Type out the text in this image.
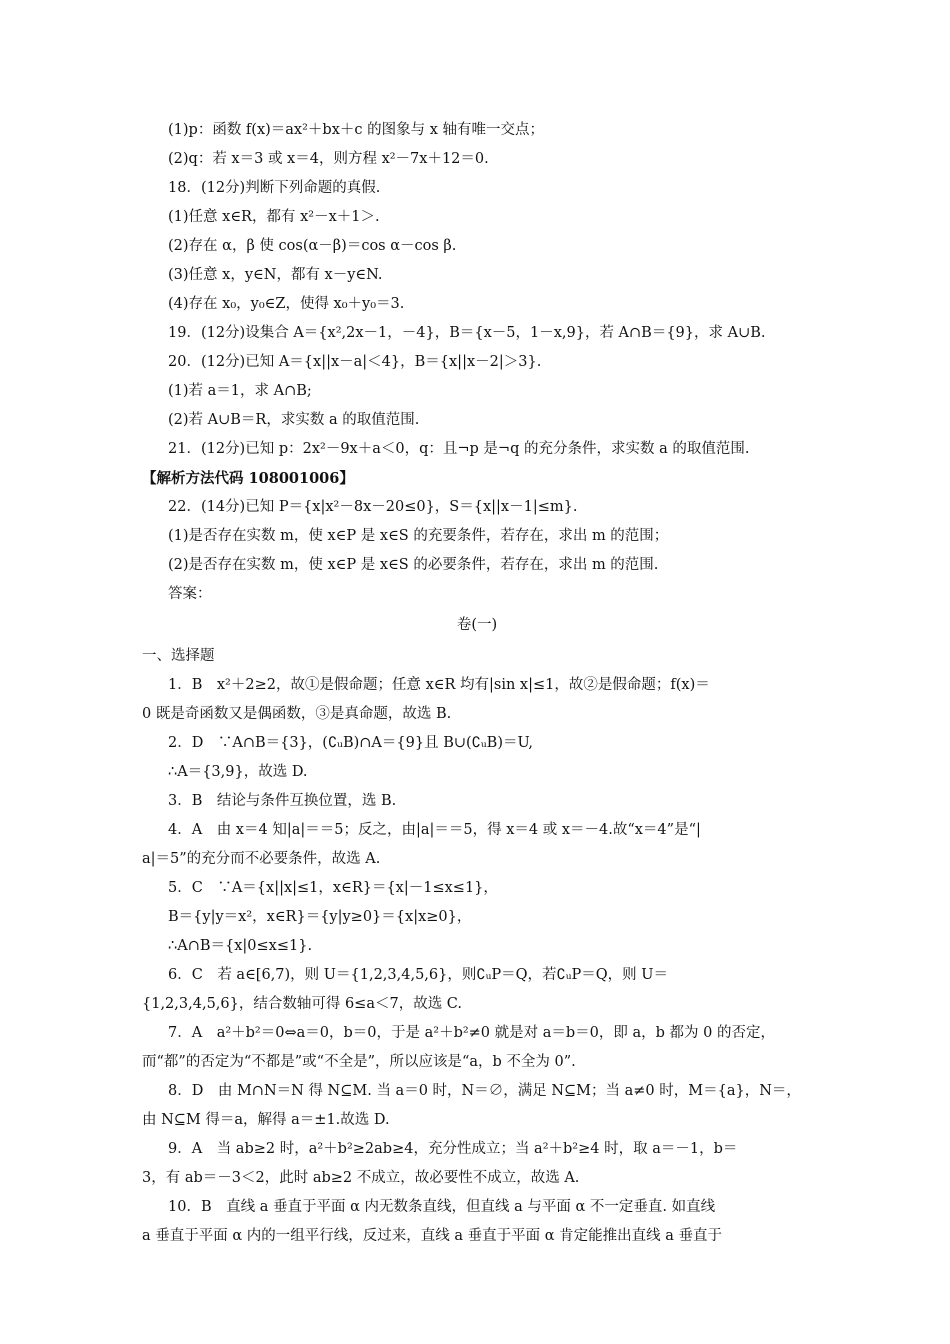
(1)p：函数 f(x)＝ax²＋bx＋c 的图象与 x 轴有唯一交点；
(2)q：若 x＝3 或 x＝4，则方程 x²－7x＋12＝0.
18．(12分)判断下列命题的真假.
(1)任意 x∈R，都有 x²－x＋1＞.
(2)存在 α，β 使 cos(α－β)＝cos α－cos β.
(3)任意 x，y∈N，都有 x－y∈N.
(4)存在 x₀，y₀∈Z，使得 x₀＋y₀＝3.
19．(12分)设集合 A＝{x²,2x－1，－4}，B＝{x－5，1－x,9}，若 A∩B＝{9}，求 A∪B.
20．(12分)已知 A＝{x||x－a|＜4}，B＝{x||x－2|＞3}.
(1)若 a＝1，求 A∩B;
(2)若 A∪B＝R，求实数 a 的取值范围.
21．(12分)已知 p：2x²－9x＋a＜0，q：且¬p 是¬q 的充分条件，求实数 a 的取值范围.
【解析方法代码 108001006】
22．(14分)已知 P＝{x|x²－8x－20≤0}，S＝{x||x－1|≤m}.
(1)是否存在实数 m，使 x∈P 是 x∈S 的充要条件，若存在，求出 m 的范围；
(2)是否存在实数 m，使 x∈P 是 x∈S 的必要条件，若存在，求出 m 的范围.
答案：
卷(一)
一、选择题
1．B　x²＋2≥2，故①是假命题；任意 x∈R 均有|sin x|≤1，故②是假命题；f(x)＝
0 既是奇函数又是偶函数，③是真命题，故选 B.
2．D　∵A∩B＝{3}，(∁ᵤB)∩A＝{9}且 B∪(∁ᵤB)＝U,
∴A＝{3,9}，故选 D.
3．B　结论与条件互换位置，选 B.
4．A　由 x＝4 知|a|＝＝5；反之，由|a|＝＝5，得 x＝4 或 x＝－4.故“x＝4”是“|
a|＝5”的充分而不必要条件，故选 A.
5．C　∵A＝{x||x|≤1，x∈R}＝{x|－1≤x≤1}，
B＝{y|y＝x²，x∈R}＝{y|y≥0}＝{x|x≥0}，
∴A∩B＝{x|0≤x≤1}.
6．C　若 a∈[6,7)，则 U＝{1,2,3,4,5,6}，则∁ᵤP＝Q，若∁ᵤP＝Q，则 U＝
{1,2,3,4,5,6}，结合数轴可得 6≤a＜7，故选 C.
7．A　a²＋b²＝0⇔a＝0，b＝0，于是 a²＋b²≠0 就是对 a＝b＝0，即 a，b 都为 0 的否定，
而“都”的否定为“不都是”或“不全是”，所以应该是“a，b 不全为 0”.
8．D　由 M∩N＝N 得 N⊆M. 当 a＝0 时，N＝∅，满足 N⊆M；当 a≠0 时，M＝{a}，N＝，
由 N⊆M 得＝a，解得 a＝±1.故选 D.
9．A　当 ab≥2 时，a²＋b²≥2ab≥4，充分性成立；当 a²＋b²≥4 时，取 a＝－1，b＝
3，有 ab＝－3＜2，此时 ab≥2 不成立，故必要性不成立，故选 A.
10．B　直线 a 垂直于平面 α 内无数条直线，但直线 a 与平面 α 不一定垂直. 如直线
a 垂直于平面 α 内的一组平行线，反过来，直线 a 垂直于平面 α 肯定能推出直线 a 垂直于
